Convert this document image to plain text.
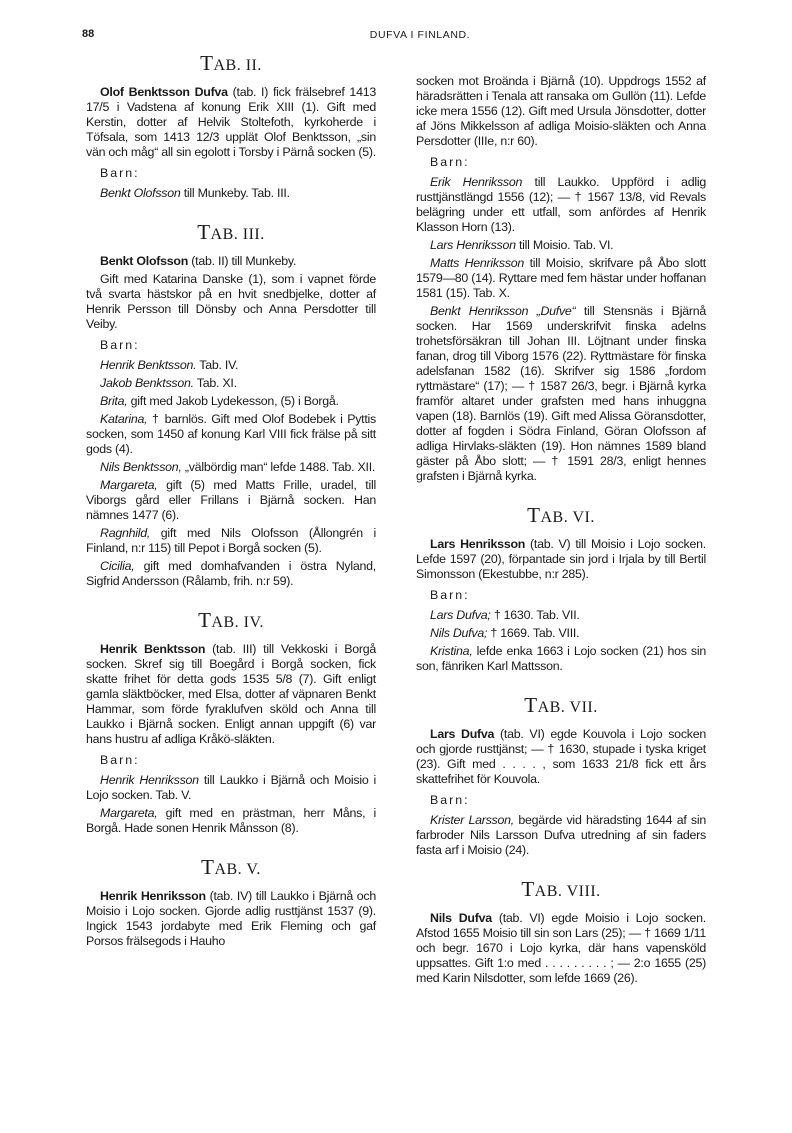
88	DUFVA I FINLAND.
TAB. II.

Olof Benktsson Dufva (tab. I) fick frälsebref 1413 17/5 i Vadstena af konung Erik XIII (1). Gift med Kerstin, dotter af Helvik Stoltefoth, kyrkoherde i Töfsala, som 1413 12/3 upplät Olof Benktsson, „sin vän och måg“ all sin egolott i Torsby i Pärnå socken (5).

Barn:

Benkt Olofsson till Munkeby. Tab. III.

TAB. III.

Benkt Olofsson (tab. II) till Munkeby.

Gift med Katarina Danske (1), som i vapnet förde två svarta hästskor på en hvit snedbjelke, dotter af Henrik Persson till Dönsby och Anna Persdotter till Veiby.

Barn:

Henrik Benktsson. Tab. IV.

Jakob Benktsson. Tab. XI.

Brita, gift med Jakob Lydekesson, (5) i Borgå.

Katarina, † barnlös. Gift med Olof Bodebek i Pyttis socken, som 1450 af konung Karl VIII fick frälse på sitt gods (4).

Nils Benktsson, „välbördig man“ lefde 1488. Tab. XII.

Margareta, gift (5) med Matts Frille, uradel, till Viborgs gård eller Frillans i Bjärnå socken. Han nämnes 1477 (6).

Ragnhild, gift med Nils Olofsson (Ållongrén i Finland, n:r 115) till Pepot i Borgå socken (5).

Cicilia, gift med domhafvanden i östra Nyland, Sigfrid Andersson (Rålamb, frih. n:r 59).

TAB. IV.

Henrik Benktsson (tab. III) till Vekkoski i Borgå socken. Skref sig till Boegård i Borgå socken, fick skatte frihet för detta gods 1535 5/8 (7). Gift enligt gamla släktböcker, med Elsa, dotter af väpnaren Benkt Hammar, som förde fyraklufven sköld och Anna till Laukko i Bjärnå socken. Enligt annan uppgift (6) var hans hustru af adliga Kråkö-släkten.

Barn:

Henrik Henriksson till Laukko i Bjärnå och Moisio i Lojo socken. Tab. V.

Margareta, gift med en prästman, herr Måns, i Borgå. Hade sonen Henrik Månsson (8).

TAB. V.

Henrik Henriksson (tab. IV) till Laukko i Bjärnå och Moisio i Lojo socken. Gjorde adlig rusttjänst 1537 (9). Ingick 1543 jordabyte med Erik Fleming och gaf Porsos frälsegods i Hauho

socken mot Broända i Bjärnå (10). Uppdrogs 1552 af häradsrätten i Tenala att ransaka om Gullön (11). Lefde icke mera 1556 (12). Gift med Ursula Jönsdotter, dotter af Jöns Mikkelsson af adliga Moisio-släkten och Anna Persdotter (IIIe, n:r 60).

Barn:

Erik Henriksson till Laukko. Uppförd i adlig rusttjänstlängd 1556 (12); — † 1567 13/8, vid Revals belägring under ett utfall, som anfördes af Henrik Klasson Horn (13).

Lars Henriksson till Moisio. Tab. VI.

Matts Henriksson till Moisio, skrifvare på Åbo slott 1579—80 (14). Ryttare med fem hästar under hoffanan 1581 (15). Tab. X.

Benkt Henriksson „Dufve“ till Stensnäs i Bjärnå socken. Har 1569 underskrifvit finska adelns trohetsförsäkran till Johan III. Löjtnant under finska fanan, drog till Viborg 1576 (22). Ryttmästare för finska adelsfanan 1582 (16). Skrifver sig 1586 „fordom ryttmästare“ (17); — † 1587 26/3, begr. i Bjärnå kyrka framför altaret under grafsten med hans inhuggna vapen (18). Barnlös (19). Gift med Alissa Göransdotter, dotter af fogden i Södra Finland, Göran Olofsson af adliga Hirvlaks-släkten (19). Hon nämnes 1589 bland gäster på Åbo slott; — † 1591 28/3, enligt hennes grafsten i Bjärnå kyrka.

TAB. VI.

Lars Henriksson (tab. V) till Moisio i Lojo socken. Lefde 1597 (20), förpantade sin jord i Irjala by till Bertil Simonsson (Ekestubbe, n:r 285).

Barn:

Lars Dufva; † 1630. Tab. VII.

Nils Dufva; † 1669. Tab. VIII.

Kristina, lefde enka 1663 i Lojo socken (21) hos sin son, fänriken Karl Mattsson.

TAB. VII.

Lars Dufva (tab. VI) egde Kouvola i Lojo socken och gjorde rusttjänst; — † 1630, stupade i tyska kriget (23). Gift med . . . . , som 1633 21/8 fick ett års skattefrihet för Kouvola.

Barn:

Krister Larsson, begärde vid häradsting 1644 af sin farbroder Nils Larsson Dufva utredning af sin faders fasta arf i Moisio (24).

TAB. VIII.

Nils Dufva (tab. VI) egde Moisio i Lojo socken. Afstod 1655 Moisio till sin son Lars (25); — † 1669 1/11 och begr. 1670 i Lojo kyrka, där hans vapensköld uppsattes. Gift 1:o med . . . . . . . . . ; — 2:o 1655 (25) med Karin Nilsdotter, som lefde 1669 (26).
